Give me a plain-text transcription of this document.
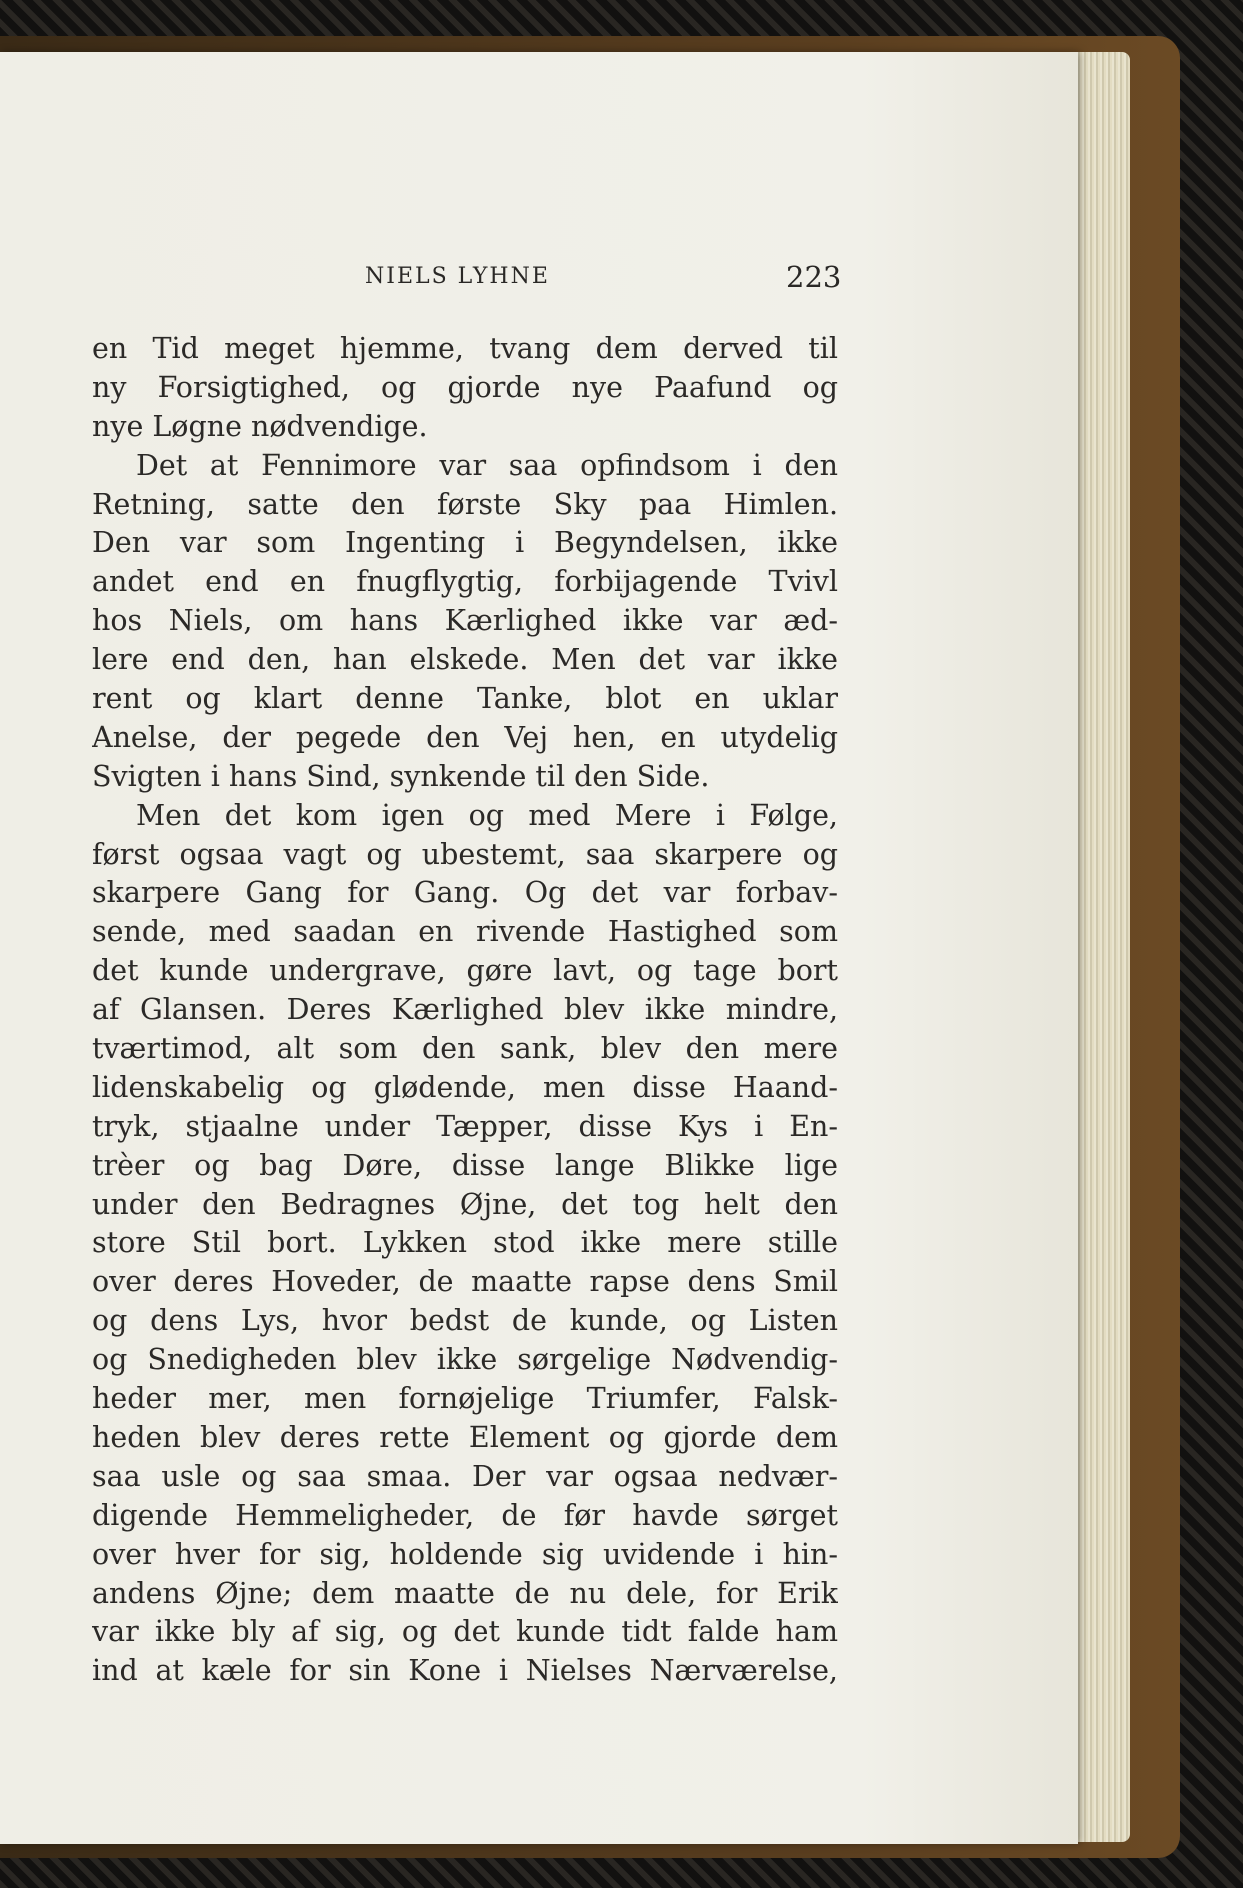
NIELS LYHNE	223
en Tid meget hjemme, tvang dem derved til
ny Forsigtighed, og gjorde nye Paafund og
nye Løgne nødvendige.
Det at Fennimore var saa opfindsom i den
Retning, satte den første Sky paa Himlen.
Den var som Ingenting i Begyndelsen, ikke
andet end en fnugflygtig, forbijagende Tvivl
hos Niels, om hans Kærlighed ikke var æd-
lere end den, han elskede. Men det var ikke
rent og klart denne Tanke, blot en uklar
Anelse, der pegede den Vej hen, en utydelig
Svigten i hans Sind, synkende til den Side.
Men det kom igen og med Mere i Følge,
først ogsaa vagt og ubestemt, saa skarpere og
skarpere Gang for Gang. Og det var forbav-
sende, med saadan en rivende Hastighed som
det kunde undergrave, gøre lavt, og tage bort
af Glansen. Deres Kærlighed blev ikke mindre,
tværtimod, alt som den sank, blev den mere
lidenskabelig og glødende, men disse Haand-
tryk, stjaalne under Tæpper, disse Kys i En-
trèer og bag Døre, disse lange Blikke lige
under den Bedragnes Øjne, det tog helt den
store Stil bort. Lykken stod ikke mere stille
over deres Hoveder, de maatte rapse dens Smil
og dens Lys, hvor bedst de kunde, og Listen
og Snedigheden blev ikke sørgelige Nødvendig-
heder mer, men fornøjelige Triumfer, Falsk-
heden blev deres rette Element og gjorde dem
saa usle og saa smaa. Der var ogsaa nedvær-
digende Hemmeligheder, de før havde sørget
over hver for sig, holdende sig uvidende i hin-
andens Øjne; dem maatte de nu dele, for Erik
var ikke bly af sig, og det kunde tidt falde ham
ind at kæle for sin Kone i Nielses Nærværelse,
